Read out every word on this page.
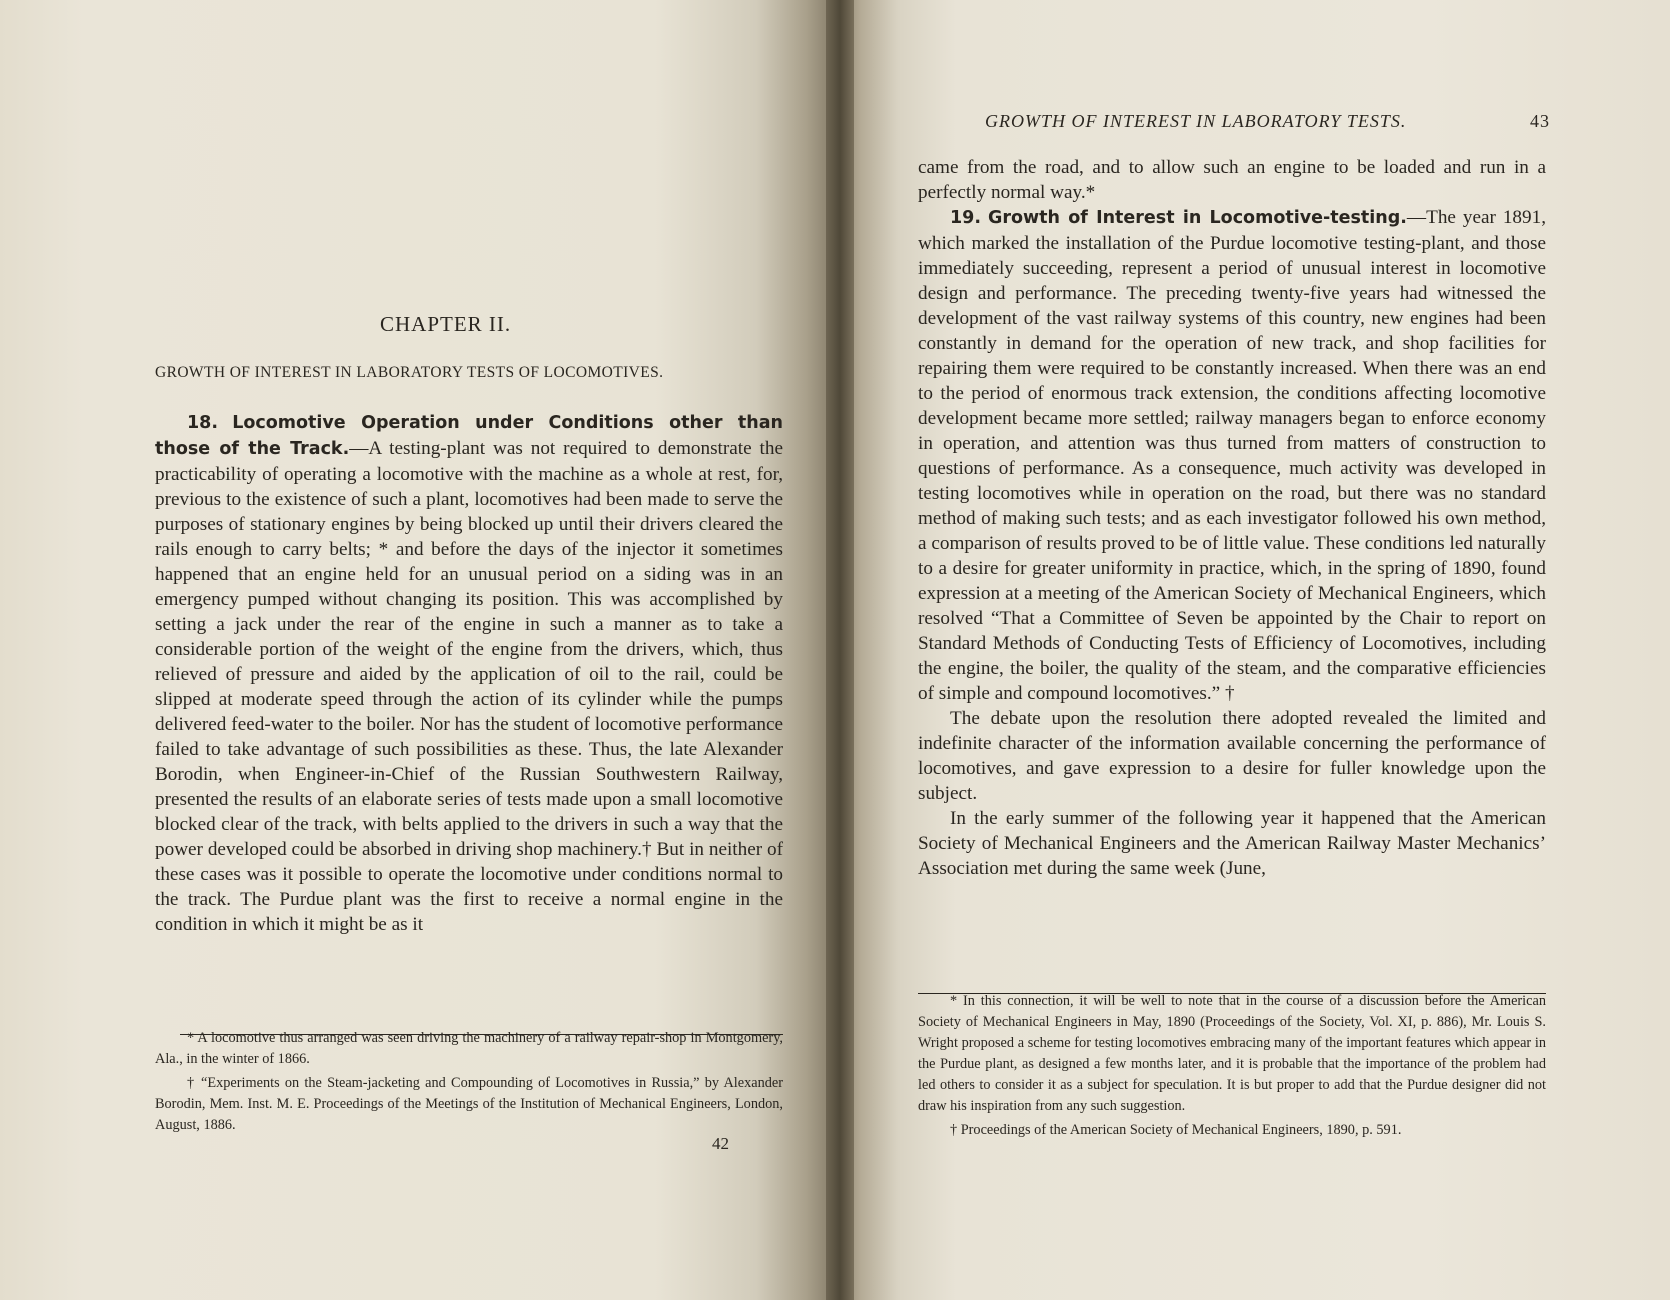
CHAPTER II.

GROWTH OF INTEREST IN LABORATORY TESTS OF LOCOMOTIVES.

18. Locomotive Operation under Conditions other than those of the Track.—A testing-plant was not required to demonstrate the practicability of operating a locomotive with the machine as a whole at rest, for, previous to the existence of such a plant, locomotives had been made to serve the purposes of stationary engines by being blocked up until their drivers cleared the rails enough to carry belts; * and before the days of the injector it sometimes happened that an engine held for an unusual period on a siding was in an emergency pumped without changing its position. This was accomplished by setting a jack under the rear of the engine in such a manner as to take a considerable portion of the weight of the engine from the drivers, which, thus relieved of pressure and aided by the application of oil to the rail, could be slipped at moderate speed through the action of its cylinder while the pumps delivered feed-water to the boiler. Nor has the student of locomotive performance failed to take advantage of such possibilities as these. Thus, the late Alexander Borodin, when Engineer-in-Chief of the Russian Southwestern Railway, presented the results of an elaborate series of tests made upon a small locomotive blocked clear of the track, with belts applied to the drivers in such a way that the power developed could be absorbed in driving shop machinery.† But in neither of these cases was it possible to operate the locomotive under conditions normal to the track. The Purdue plant was the first to receive a normal engine in the condition in which it might be as it

* A locomotive thus arranged was seen driving the machinery of a railway repair-shop in Montgomery, Ala., in the winter of 1866.

† “Experiments on the Steam-jacketing and Compounding of Locomotives in Russia,” by Alexander Borodin, Mem. Inst. M. E. Proceedings of the Meetings of the Institution of Mechanical Engineers, London, August, 1886.

42

GROWTH OF INTEREST IN LABORATORY TESTS.	43

came from the road, and to allow such an engine to be loaded and run in a perfectly normal way.*

19. Growth of Interest in Locomotive-testing.—The year 1891, which marked the installation of the Purdue locomotive testing-plant, and those immediately succeeding, represent a period of unusual interest in locomotive design and performance. The preceding twenty-five years had witnessed the development of the vast railway systems of this country, new engines had been constantly in demand for the operation of new track, and shop facilities for repairing them were required to be constantly increased. When there was an end to the period of enormous track extension, the conditions affecting locomotive development became more settled; railway managers began to enforce economy in operation, and attention was thus turned from matters of construction to questions of performance. As a consequence, much activity was developed in testing locomotives while in operation on the road, but there was no standard method of making such tests; and as each investigator followed his own method, a comparison of results proved to be of little value. These conditions led naturally to a desire for greater uniformity in practice, which, in the spring of 1890, found expression at a meeting of the American Society of Mechanical Engineers, which resolved “That a Committee of Seven be appointed by the Chair to report on Standard Methods of Conducting Tests of Efficiency of Locomotives, including the engine, the boiler, the quality of the steam, and the comparative efficiencies of simple and compound locomotives.” †

The debate upon the resolution there adopted revealed the limited and indefinite character of the information available concerning the performance of locomotives, and gave expression to a desire for fuller knowledge upon the subject.

In the early summer of the following year it happened that the American Society of Mechanical Engineers and the American Railway Master Mechanics’ Association met during the same week (June,

* In this connection, it will be well to note that in the course of a discussion before the American Society of Mechanical Engineers in May, 1890 (Proceedings of the Society, Vol. XI, p. 886), Mr. Louis S. Wright proposed a scheme for testing locomotives embracing many of the important features which appear in the Purdue plant, as designed a few months later, and it is probable that the importance of the problem had led others to consider it as a subject for speculation. It is but proper to add that the Purdue designer did not draw his inspiration from any such suggestion.

† Proceedings of the American Society of Mechanical Engineers, 1890, p. 591.
